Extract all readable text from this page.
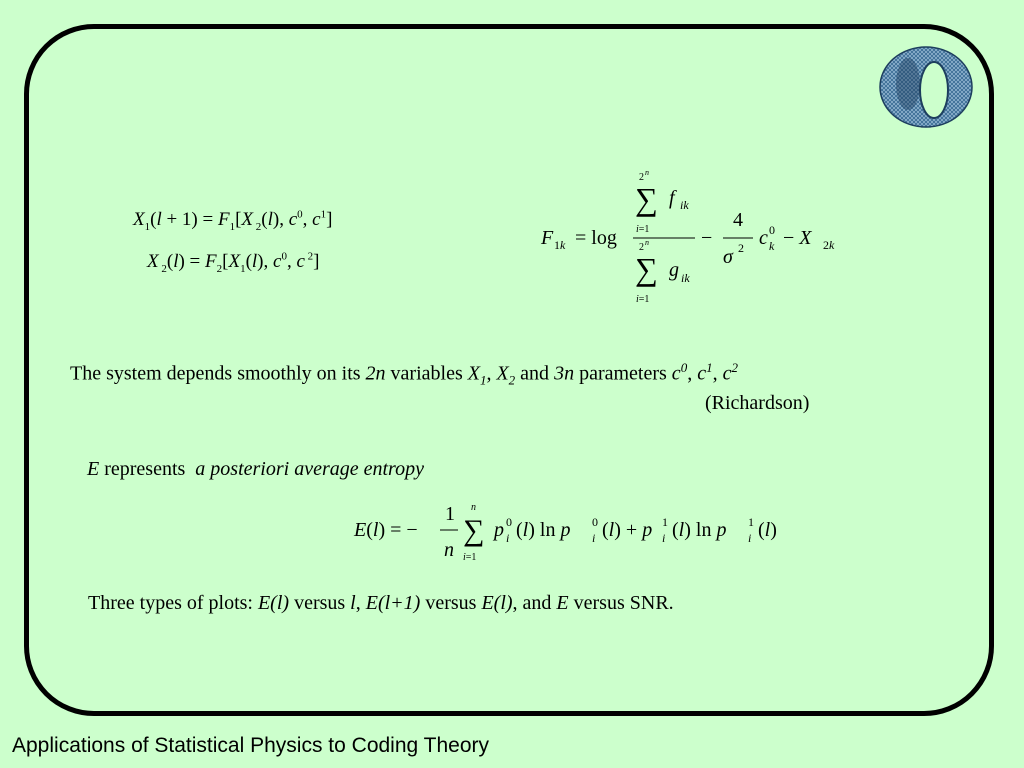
$X_1(l + 1) = F_1[X$ $_2$(l), $c^0$, $c^1$]
X $_2(l) = F_2[X_1(l)$, $c^0$, c $^2$]
F 1k = log
2 n
∑
i=1
f ik
2 n
∑
i=1
g ik
−
4
σ 2 c 0
k − X 2k
The system depends smoothly on its 2n variables $X_1$, $X_2$ and 3n parameters $c^0$, $c^1$, $c^2$
(Richardson)
E represents a posteriori average entropy
E(l) = −
1
n
n
∑
i=1
p 0
i (l) ln p 0
i (l) + p 1
i (l) ln p 1
i (l)
Three types of plots: E(l) versus l, E(l+1) versus E(l), and E versus SNR.
Applications of Statistical Physics to Coding Theory
